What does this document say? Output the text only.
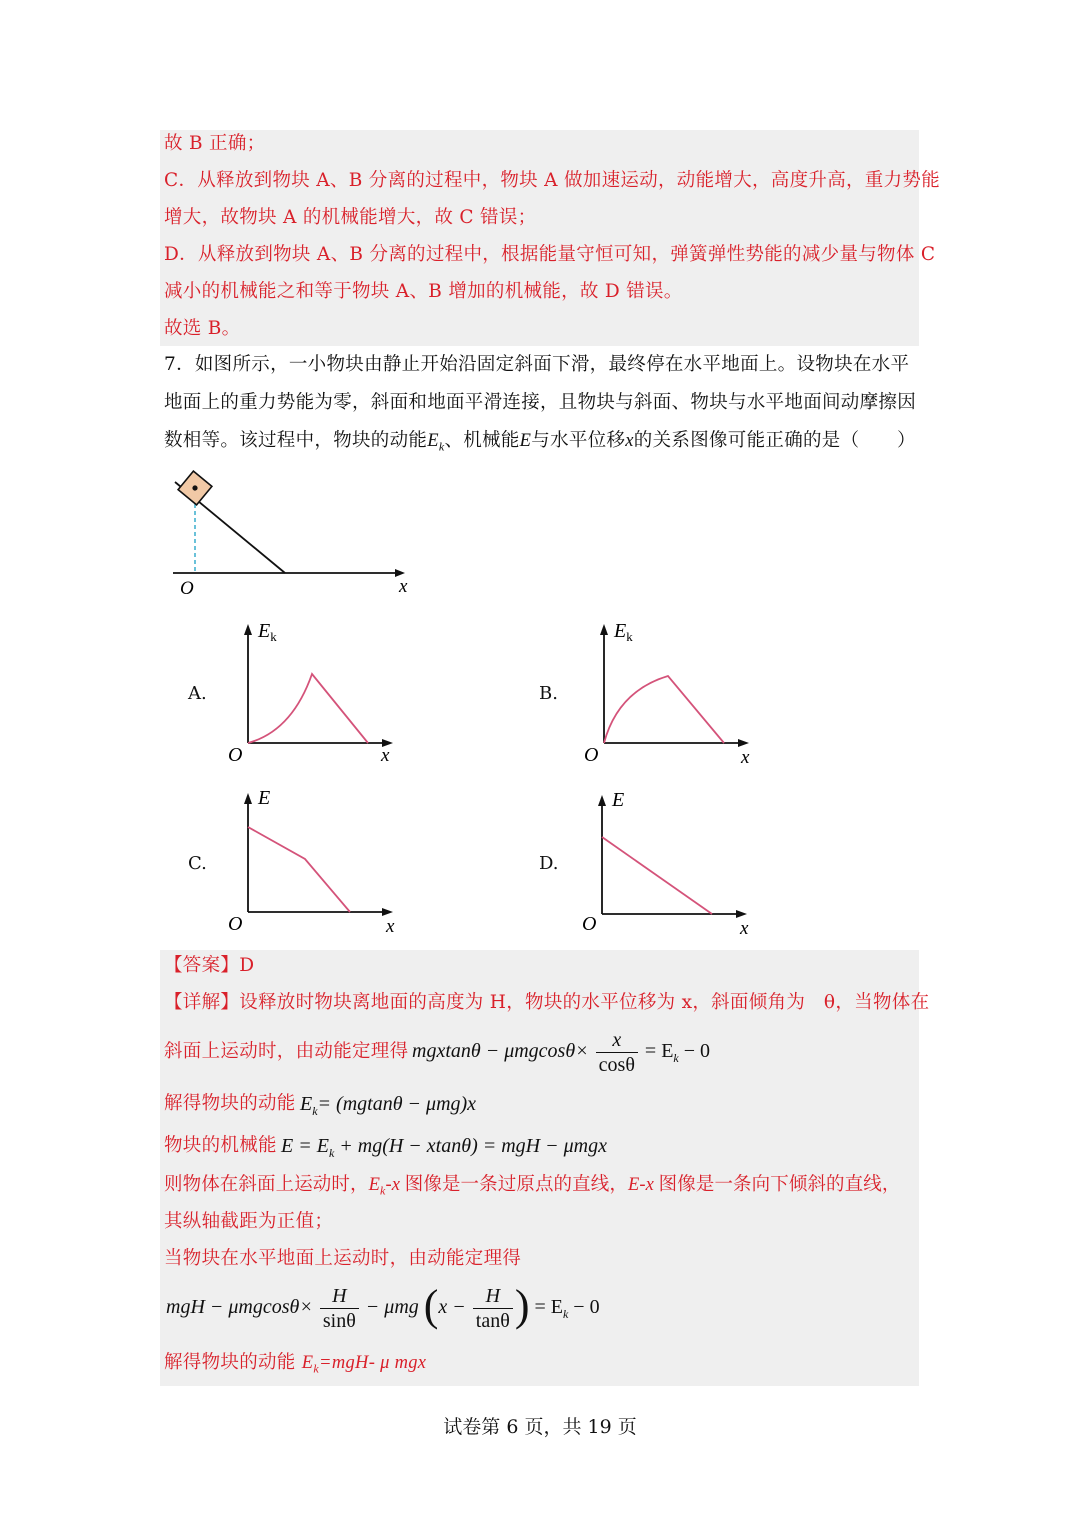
故 B 正确；
C．从释放到物块 A、B 分离的过程中，物块 A 做加速运动，动能增大，高度升高，重力势能
增大，故物块 A 的机械能增大，故 C 错误；
D．从释放到物块 A、B 分离的过程中，根据能量守恒可知，弹簧弹性势能的减少量与物体 C
减小的机械能之和等于物块 A、B 增加的机械能，故 D 错误。
故选 B。
7．如图所示，一小物块由静止开始沿固定斜面下滑，最终停在水平地面上。设物块在水平
地面上的重力势能为零，斜面和地面平滑连接，且物块与斜面、物块与水平地面间动摩擦因
数相等。该过程中，物块的动能$E_k$、机械能E与水平位移x的关系图像可能正确的是（　　）
O	x
A.	B.
C.	D.
$E_k$
O	x
$E_k$
O	x
E
O	x
E
O	x
【答案】D
【详解】设释放时物块离地面的高度为 H，物块的水平位移为 x，斜面倾角为　θ，当物体在
斜面上运动时，由动能定理得 $mgxtan\theta - \mu mgcos\theta\times \frac{x}{\cos\theta} = E_k - 0$
解得物块的动能 $E_k= (mgtan\theta - \mu mg)x$
物块的机械能 $E = E_k + mg(H - xtan\theta)$ = mgH − μmgx
则物体在斜面上运动时，$E_k-x$ 图像是一条过原点的直线，E-x 图像是一条向下倾斜的直线，
其纵轴截距为正值；
当物块在水平地面上运动时，由动能定理得
mgH − $\mu mgcos\theta\times \frac{H}{\sin\theta} - \mu mg$ ($x - \frac{H}{\tan\theta}$ ) = $E_k - 0$
解得物块的动能 $E_k=mgH-$ μ mgx
试卷第 6 页，共 19 页
